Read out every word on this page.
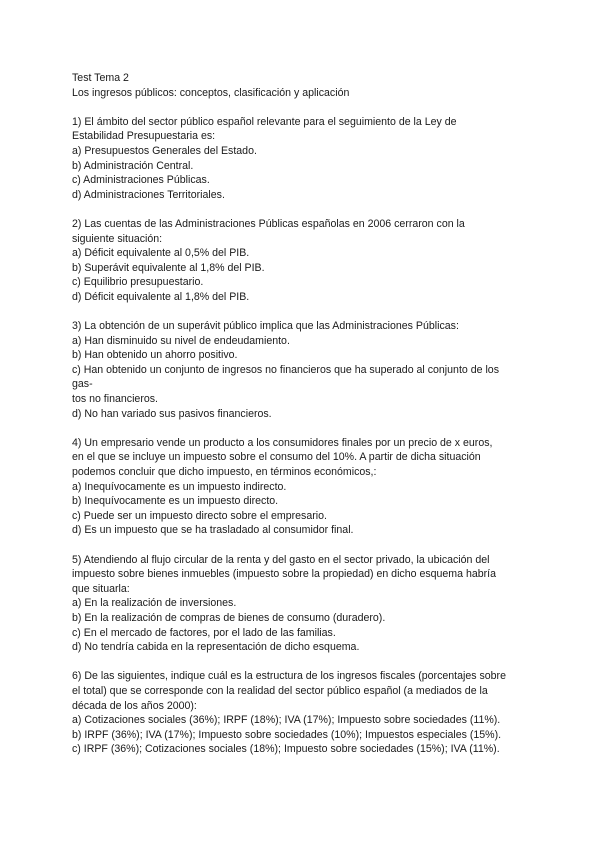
Test Tema 2
Los ingresos públicos: conceptos, clasificación y aplicación
1) El ámbito del sector público español relevante para el seguimiento de la Ley de
Estabilidad Presupuestaria es:
a) Presupuestos Generales del Estado.
b) Administración Central.
c) Administraciones Públicas.
d) Administraciones Territoriales.
2) Las cuentas de las Administraciones Públicas españolas en 2006 cerraron con la
siguiente situación:
a) Déficit equivalente al 0,5% del PIB.
b) Superávit equivalente al 1,8% del PIB.
c) Equilibrio presupuestario.
d) Déficit equivalente al 1,8% del PIB.
3) La obtención de un superávit público implica que las Administraciones Públicas:
a) Han disminuido su nivel de endeudamiento.
b) Han obtenido un ahorro positivo.
c) Han obtenido un conjunto de ingresos no financieros que ha superado al conjunto de los
gas-
tos no financieros.
d) No han variado sus pasivos financieros.
4) Un empresario vende un producto a los consumidores finales por un precio de x euros,
en el que se incluye un impuesto sobre el consumo del 10%. A partir de dicha situación
podemos concluir que dicho impuesto, en términos económicos,:
a) Inequívocamente es un impuesto indirecto.
b) Inequívocamente es un impuesto directo.
c) Puede ser un impuesto directo sobre el empresario.
d) Es un impuesto que se ha trasladado al consumidor final.
5) Atendiendo al flujo circular de la renta y del gasto en el sector privado, la ubicación del
impuesto sobre bienes inmuebles (impuesto sobre la propiedad) en dicho esquema habría
que situarla:
a) En la realización de inversiones.
b) En la realización de compras de bienes de consumo (duradero).
c) En el mercado de factores, por el lado de las familias.
d) No tendría cabida en la representación de dicho esquema.
6) De las siguientes, indique cuál es la estructura de los ingresos fiscales (porcentajes sobre
el total) que se corresponde con la realidad del sector público español (a mediados de la
década de los años 2000):
a) Cotizaciones sociales (36%); IRPF (18%); IVA (17%); Impuesto sobre sociedades (11%).
b) IRPF (36%); IVA (17%); Impuesto sobre sociedades (10%); Impuestos especiales (15%).
c) IRPF (36%); Cotizaciones sociales (18%); Impuesto sobre sociedades (15%); IVA (11%).
